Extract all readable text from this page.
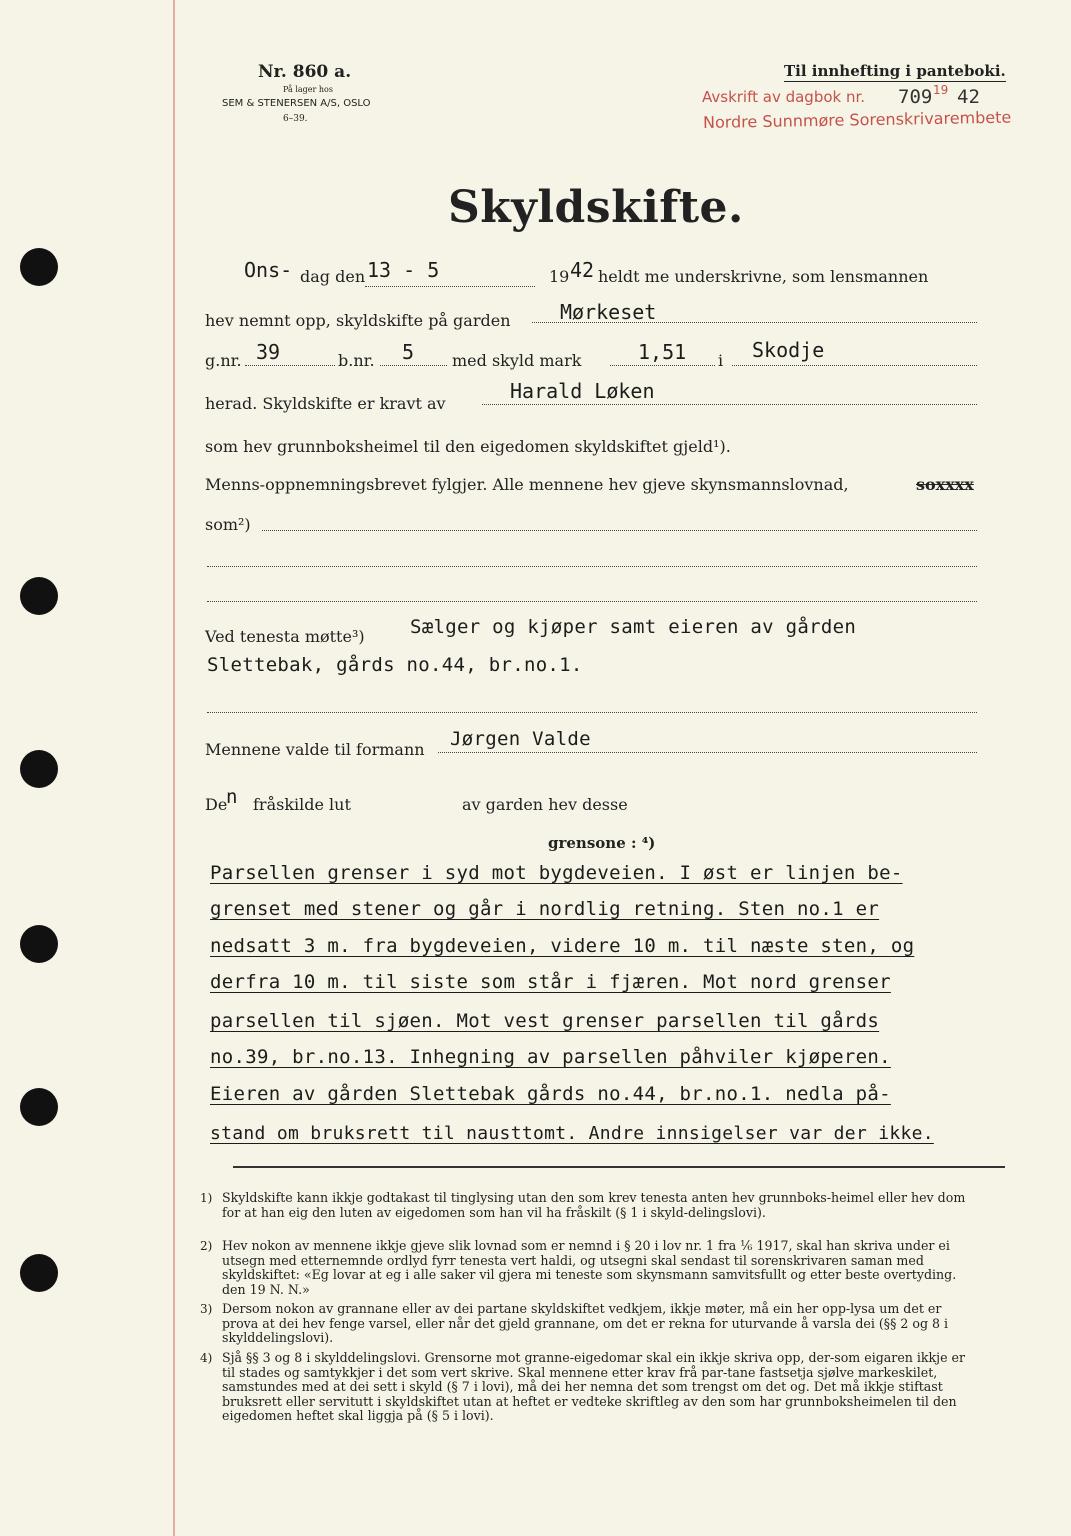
Nr. 860 a.
På lager hos
SEM & STENERSEN A/S, OSLO
6–39.
Til innhefting i panteboki.
Avskrift av dagbok nr. 709 19 42
Nordre Sunnmøre Sorenskrivarembete
Skyldskifte.
Ons- dag den 13 - 5	19 42 heldt me underskrivne, som lensmannen
hev nemnt opp, skyldskifte på garden Mørkeset
g.nr. 39	b.nr. 5 med skyld mark	1,51 i Skodje
herad. Skyldskifte er kravt av
Harald Løken
som hev grunnboksheimel til den eigedomen skyldskiftet gjeld¹).
Menns-oppnemningsbrevet fylgjer. Alle mennene hev gjeve skynsmannslovnad,	soxxxx
som²)
Ved tenesta møtte³) Sælger og kjøper samt eieren av gården
Slettebak, gårds no.44, br.no.1.
Mennene valde til formann Jørgen Valde
De
n fråskilde lut	av garden hev desse
grensone : ⁴)
Parsellen grenser i syd mot bygdeveien. I øst er linjen be-
grenset med stener og går i nordlig retning. Sten no.1 er
nedsatt 3 m. fra bygdeveien, videre 10 m. til næste sten, og
derfra 10 m. til siste som står i fjæren. Mot nord grenser
parsellen til sjøen. Mot vest grenser parsellen til gårds
no.39, br.no.13. Inhegning av parsellen påhviler kjøperen.
Eieren av gården Slettebak gårds no.44, br.no.1. nedla på-
stand om bruksrett til nausttomt. Andre innsigelser var der ikke.
1) Skyldskifte kann ikkje godtakast til tinglysing utan den som krev tenesta anten hev grunnboks-heimel eller hev dom for at han eig den luten av eigedomen som han vil ha fråskilt (§ 1 i skyld-delingslovi).
2) Hev nokon av mennene ikkje gjeve slik lovnad som er nemnd i § 20 i lov nr. 1 fra ⅙ 1917, skal han skriva under ei utsegn med etternemnde ordlyd fyrr tenesta vert haldi, og utsegni skal sendast til sorenskrivaren saman med skyldskiftet: «Eg lovar at eg i alle saker vil gjera mi teneste som skynsmann samvitsfullt og etter beste overtyding. den 19 N. N.»
3) Dersom nokon av grannane eller av dei partane skyldskiftet vedkjem, ikkje møter, må ein her opp-lysa um det er prova at dei hev fenge varsel, eller når det gjeld grannane, om det er rekna for uturvande å varsla dei (§§ 2 og 8 i skylddelingslovi).
4) Sjå §§ 3 og 8 i skylddelingslovi. Grensorne mot granne-eigedomar skal ein ikkje skriva opp, der-som eigaren ikkje er til stades og samtykkjer i det som vert skrive. Skal mennene etter krav frå par-tane fastsetja sjølve markeskilet, samstundes med at dei sett i skyld (§ 7 i lovi), må dei her nemna det som trengst om det og. Det må ikkje stiftast bruksrett eller servitutt i skyldskiftet utan at heftet er vedteke skriftleg av den som har grunnboksheimelen til den eigedomen heftet skal liggja på (§ 5 i lovi).
